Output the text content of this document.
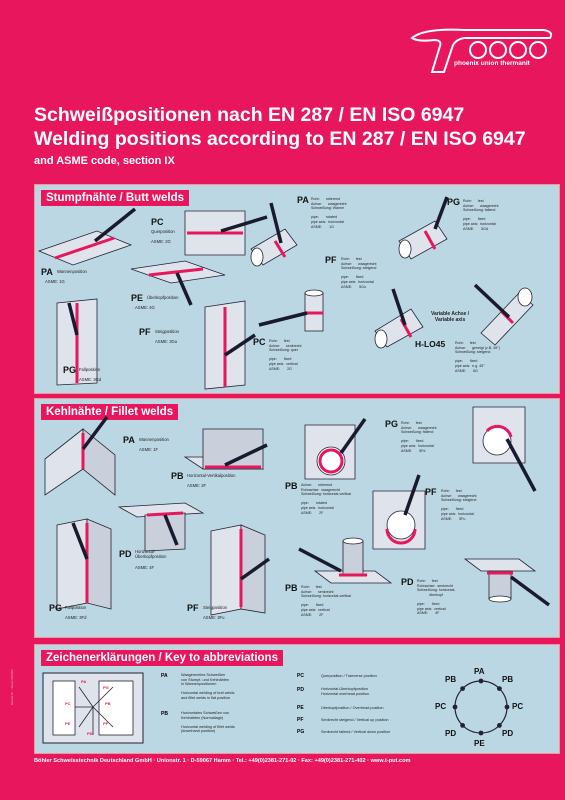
phoenix union thermanit
Schweißpositionen nach EN 287 / EN ISO 6947
Welding positions according to EN 287 / EN ISO 6947
and ASME code, section IX
Stumpfnähte / Butt welds
PC
Querposition
ASME: 2G
PA Wannenposition
ASME: 1G
PE Überkopfposition
ASME: 4G
PF Steigposition
ASME: 3Gu
PG Fallposition
ASME: 3Gd
PA Rohr:      rotierend
Achse:      waagerecht
Schweißung: Wanne

pipe:       rotated
pipe axis:  horizontal
ASME:       1G
PG Rohr:      fest
Achse:      waagerecht
Schweißung: fallend

pipe:       fixed
pipe axis:  horizontal
ASME:       5Gd
PF Rohr:      fest
Achse:      waagerecht
Schweißung: steigend

pipe:       fixed
pipe axis:  horizontal
ASME:       5Gu
PC Rohr:      fest
Achse:      senkrecht
Schweißung: quer

pipe:       fixed
pipe axis:  vertical
ASME:       2G
Variable Achse /
Variable axis
H-LO45	Rohr:      fest
Achse:      geneigt (z.B. 45°)
Schweißung: steigend

pipe:       fixed
pipe axis:  e.g. 45°
ASME:       6G
Kehlnähte / Fillet welds
PA Wannenposition
ASME: 1F
PB Horizontal-Vertikalposition
ASME: 2F
PD Horizontal-
Überkopfposition
ASME: 4F
PG Fallposition
ASME: 3Fd
PF Steigposition
ASME: 3Fu
PG Rohr:      fest
Achse:      waagerecht
Schweißung: fallend

pipe:       fixed
pipe axis:  horizontal
ASME:       5Fd
PB Achse:      rotierend
Rohrachse:  waagerecht
Schweißung: horizontal-vertikal

pipe:       rotated
pipe axis:  horizontal
ASME:       2F
PF Rohr:      fest
Achse:      waagerecht
Schweißung: steigend

pipe:       fixed
pipe axis:  horizontal
ASME:       5Fu
PB Rohr:      fest
Achse:      senkrecht
Schweißung: horizontal-vertikal

pipe:       fixed
pipe axis:  vertical
ASME:       2F
PD Rohr:      fest
Rohrachse:  senkrecht
Schweißung: horizontal-
überkopf

pipe:       fixed
pipe axis:  vertical
ASME:       4F
Zeichenerklärungen / Key to abbreviations
PA
PG
PC	PB
PE	PF
PD
PA	Waagerechtes Schweißen
von Stumpf- und Kehlnähten
in Wannenpositionen

Horizontal welding of butt welds
and fillet welds in flat position
PB	Horizontales Schweißen von
Kehlnähten (Normallage)

Horizontal welding of fillet welds
(downhand position)
PC	Querposition / Tranverse position
PD	Horizontal-Überkopfposition
Horizontal overhead position
PE	Überkopfposition / Overhead position
PF	Senkrecht steigend / Vertical up position
PG	Senkrecht fallend / Vertical down position
PA
PB	PB
PC	PC
PD	PD
PE
Böhler Schweisstechnik Deutschland GmbH · Unionstr. 1 · D-59067 Hamm · Tel.: +49(0)2381-271-02 · Fax: +49(0)2381-271-402 · www.t-put.com
Bestell-Nr. · Stand 09/2006
